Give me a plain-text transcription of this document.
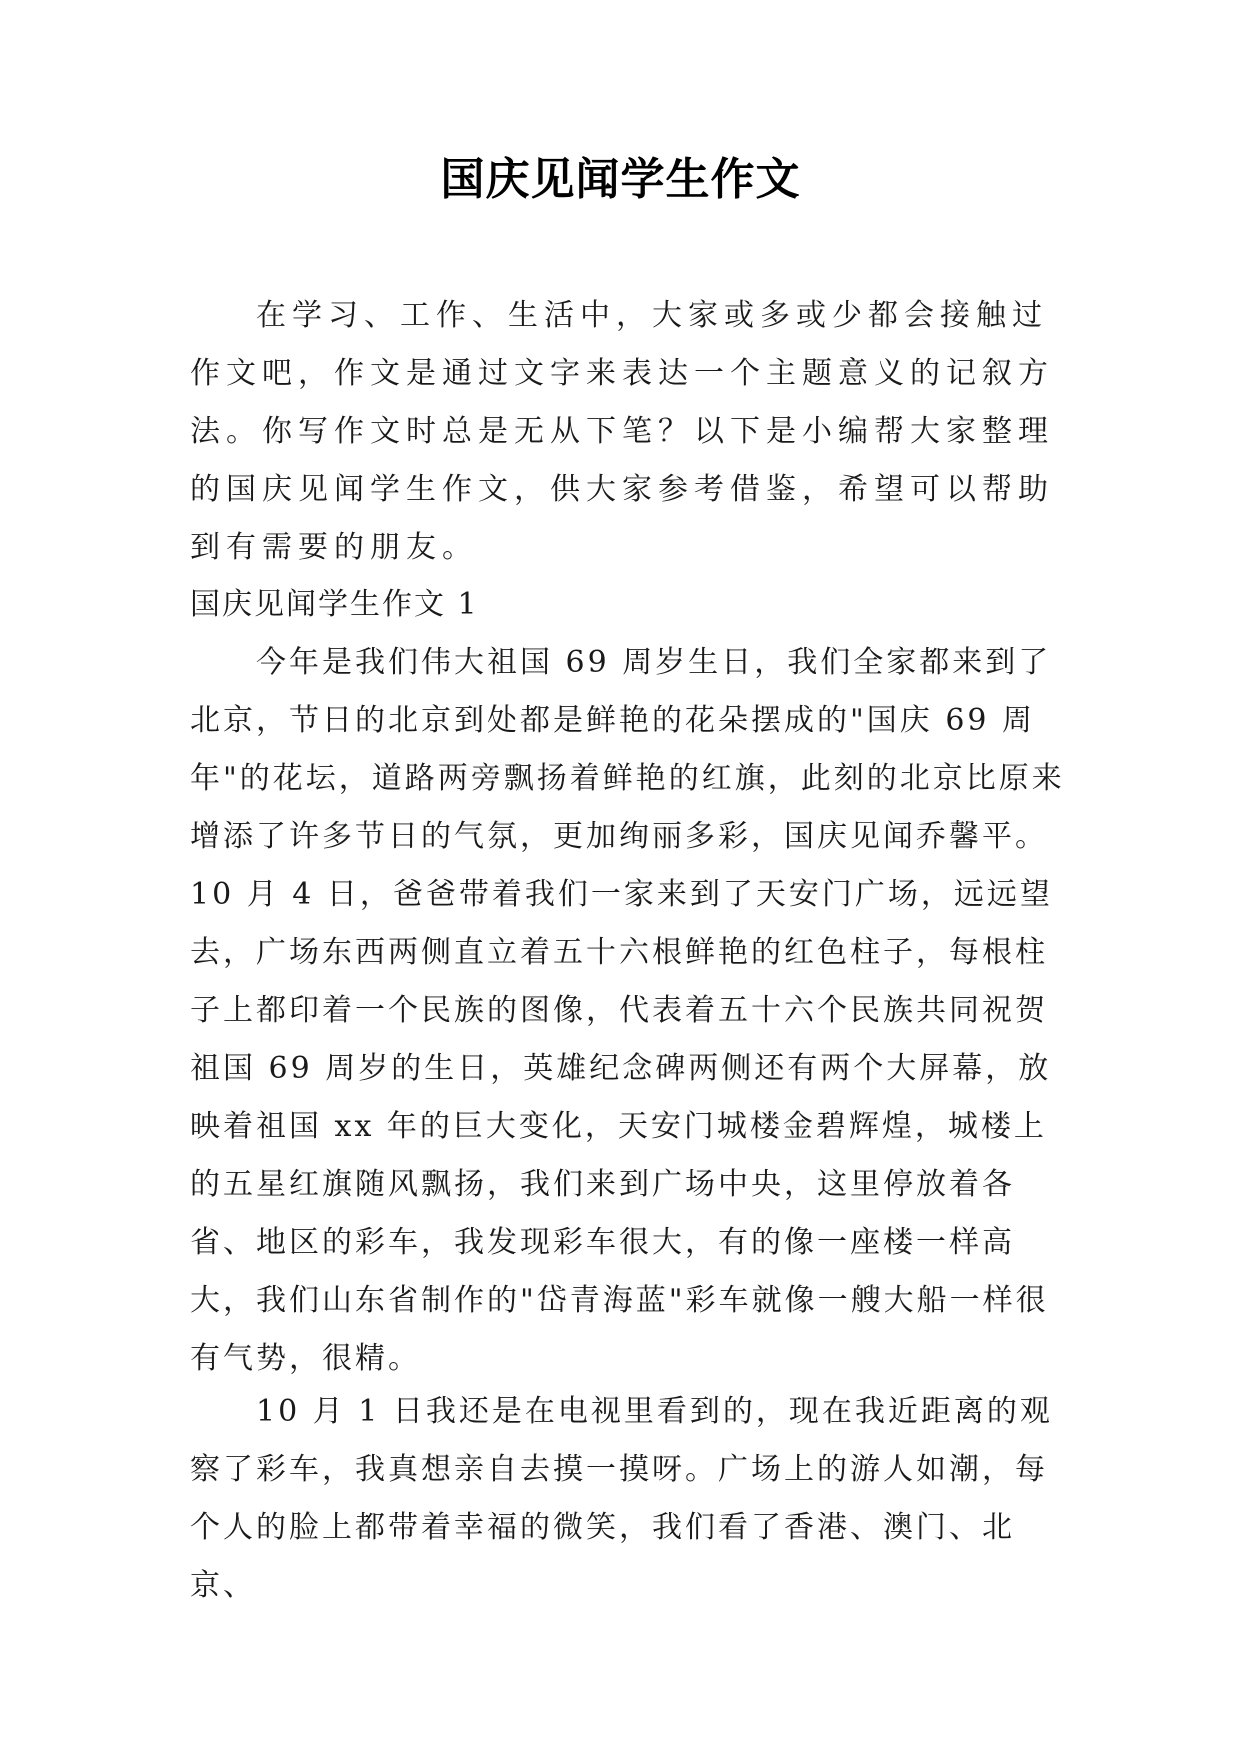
国庆见闻学生作文

在学习、工作、生活中，大家或多或少都会接触过作文吧，作文是通过文字来表达一个主题意义的记叙方法。你写作文时总是无从下笔？以下是小编帮大家整理的国庆见闻学生作文，供大家参考借鉴，希望可以帮助到有需要的朋友。

国庆见闻学生作文 1

今年是我们伟大祖国 69 周岁生日，我们全家都来到了北京，节日的北京到处都是鲜艳的花朵摆成的"国庆 69 周年"的花坛，道路两旁飘扬着鲜艳的红旗，此刻的北京比原来增添了许多节日的气氛，更加绚丽多彩，国庆见闻乔馨平。10 月 4 日，爸爸带着我们一家来到了天安门广场，远远望去，广场东西两侧直立着五十六根鲜艳的红色柱子，每根柱子上都印着一个民族的图像，代表着五十六个民族共同祝贺祖国 69 周岁的生日，英雄纪念碑两侧还有两个大屏幕，放映着祖国 xx 年的巨大变化，天安门城楼金碧辉煌，城楼上的五星红旗随风飘扬，我们来到广场中央，这里停放着各省、地区的彩车，我发现彩车很大，有的像一座楼一样高大，我们山东省制作的"岱青海蓝"彩车就像一艘大船一样很有气势，很精。

10 月 1 日我还是在电视里看到的，现在我近距离的观察了彩车，我真想亲自去摸一摸呀。广场上的游人如潮，每个人的脸上都带着幸福的微笑，我们看了香港、澳门、北京、
